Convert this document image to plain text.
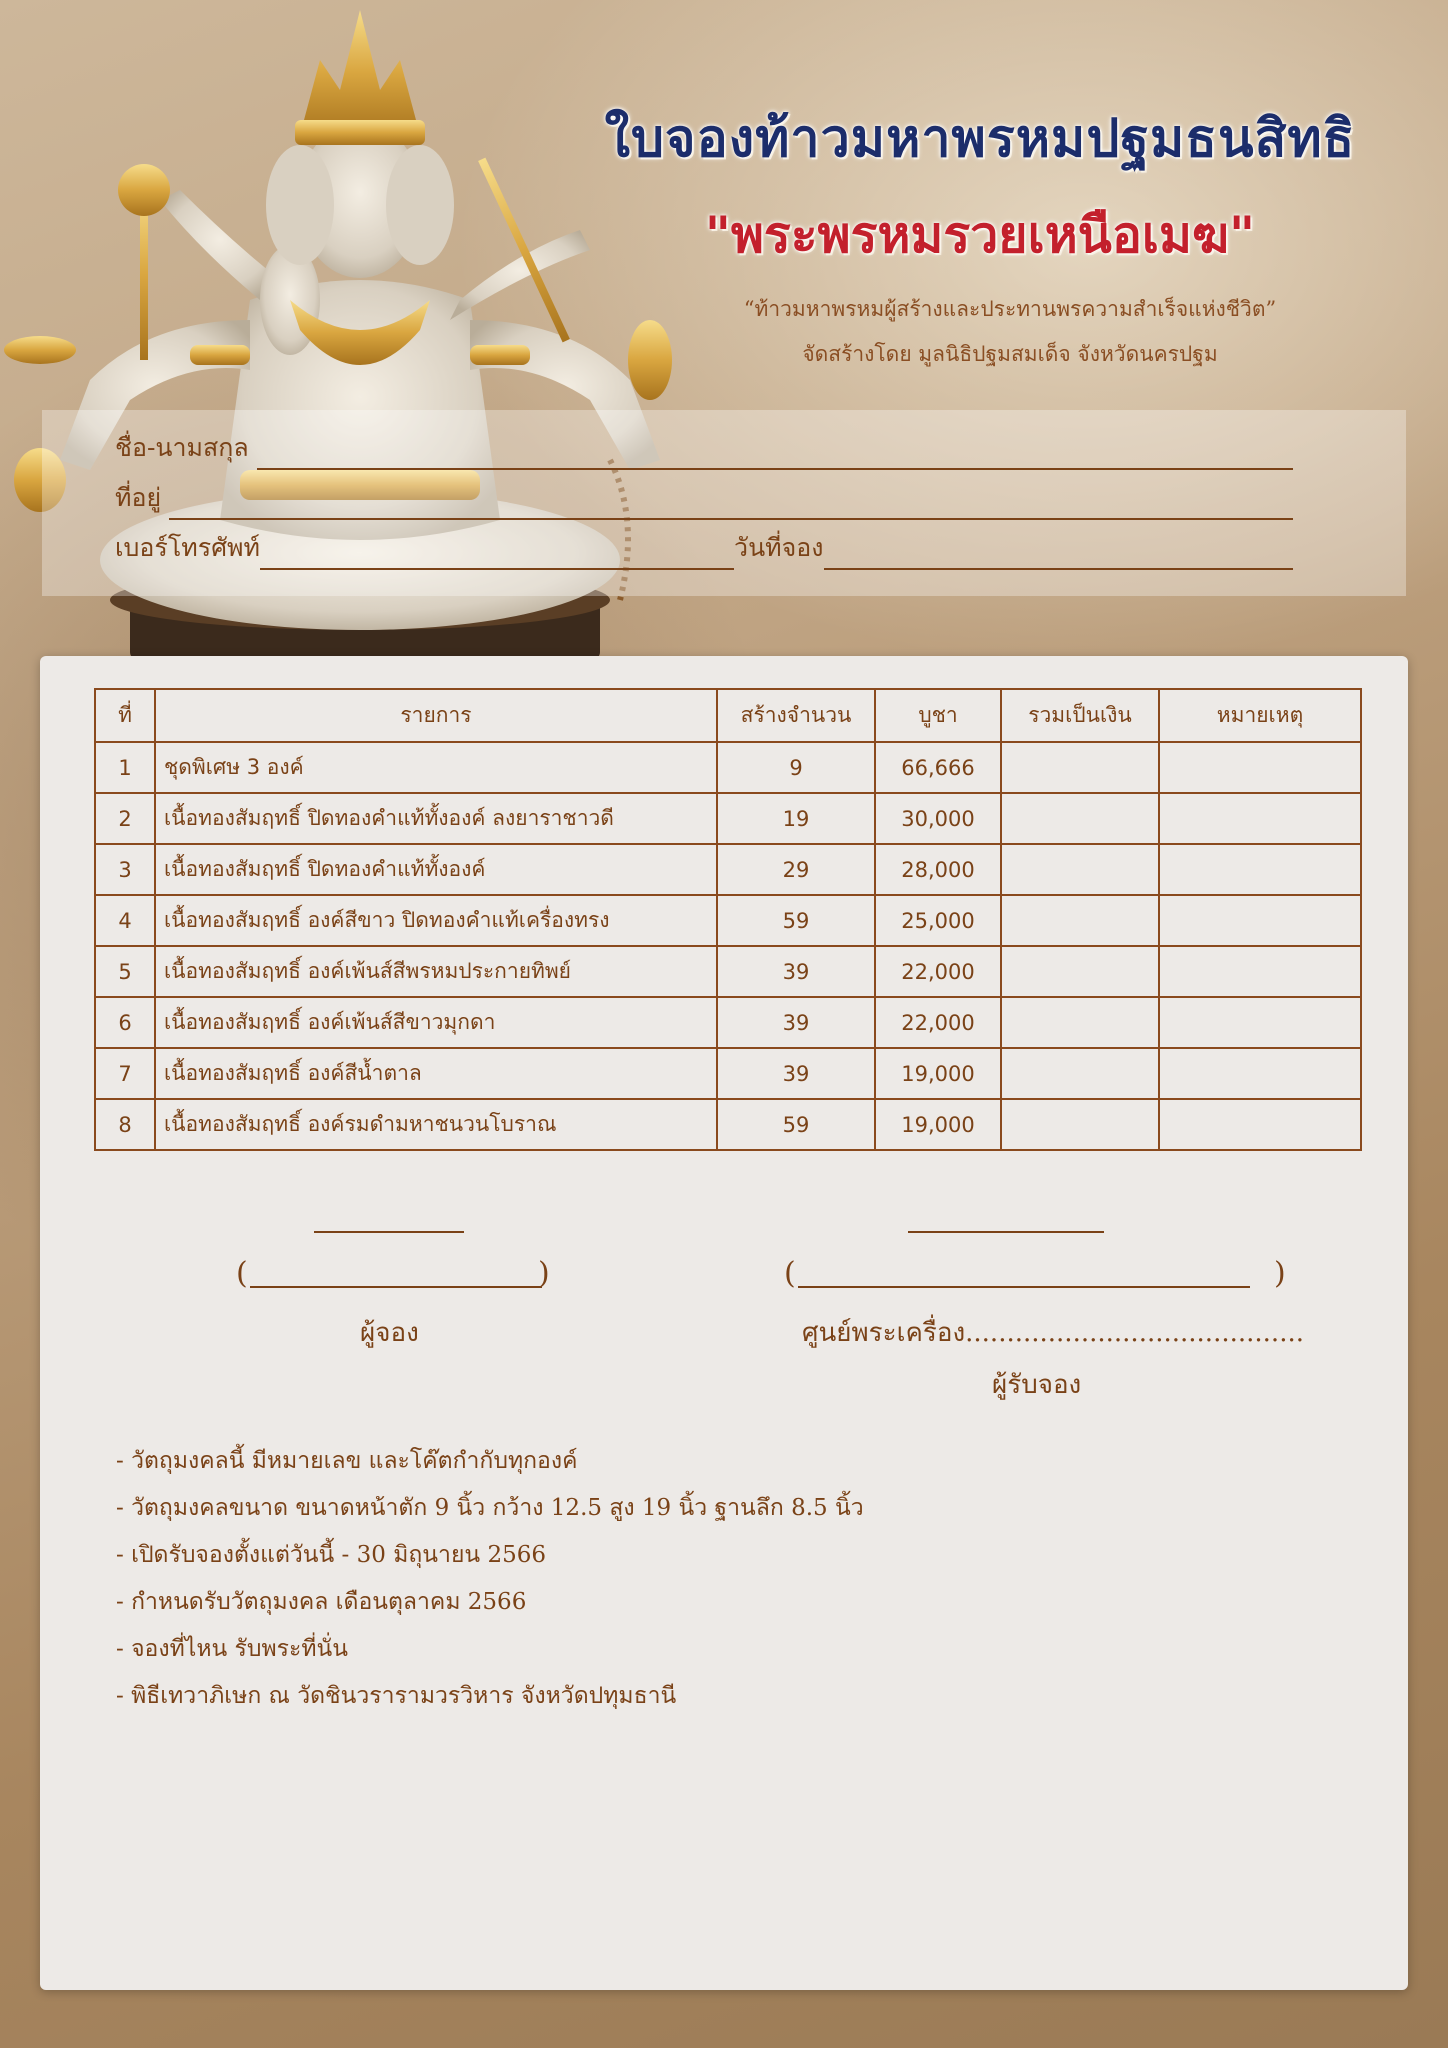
ใบจองท้าวมหาพรหมปฐมธนสิทธิ
"พระพรหมรวยเหนือเมฆ"
“ท้าวมหาพรหมผู้สร้างและประทานพรความสำเร็จแห่งชีวิต”
จัดสร้างโดย มูลนิธิปฐมสมเด็จ จังหวัดนครปฐม
ชื่อ-นามสกุล
ที่อยู่
เบอร์โทรศัพท์	วันที่จอง
ที่	รายการ	สร้างจำนวน	บูชา	รวมเป็นเงิน	หมายเหตุ
1	ชุดพิเศษ 3 องค์	9	66,666		
2	เนื้อทองสัมฤทธิ์ ปิดทองคำแท้ทั้งองค์ ลงยาราชาวดี	19	30,000		
3	เนื้อทองสัมฤทธิ์ ปิดทองคำแท้ทั้งองค์	29	28,000		
4	เนื้อทองสัมฤทธิ์ องค์สีขาว ปิดทองคำแท้เครื่องทรง	59	25,000		
5	เนื้อทองสัมฤทธิ์ องค์เพ้นส์สีพรหมประกายทิพย์	39	22,000		
6	เนื้อทองสัมฤทธิ์ องค์เพ้นส์สีขาวมุกดา	39	22,000		
7	เนื้อทองสัมฤทธิ์ องค์สีน้ำตาล	39	19,000		
8	เนื้อทองสัมฤทธิ์ องค์รมดำมหาชนวนโบราณ	59	19,000		
(	)
ผู้จอง
(	)
ศูนย์พระเครื่อง.........................................
ผู้รับจอง
- วัตถุมงคลนี้ มีหมายเลข และโค๊ตกำกับทุกองค์
- วัตถุมงคลขนาด ขนาดหน้าตัก 9 นิ้ว กว้าง 12.5 สูง 19 นิ้ว ฐานลึก 8.5 นิ้ว
- เปิดรับจองตั้งแต่วันนี้ - 30 มิถุนายน 2566
- กำหนดรับวัตถุมงคล เดือนตุลาคม 2566
- จองที่ไหน รับพระที่นั่น
- พิธีเทวาภิเษก ณ วัดชินวรารามวรวิหาร จังหวัดปทุมธานี
